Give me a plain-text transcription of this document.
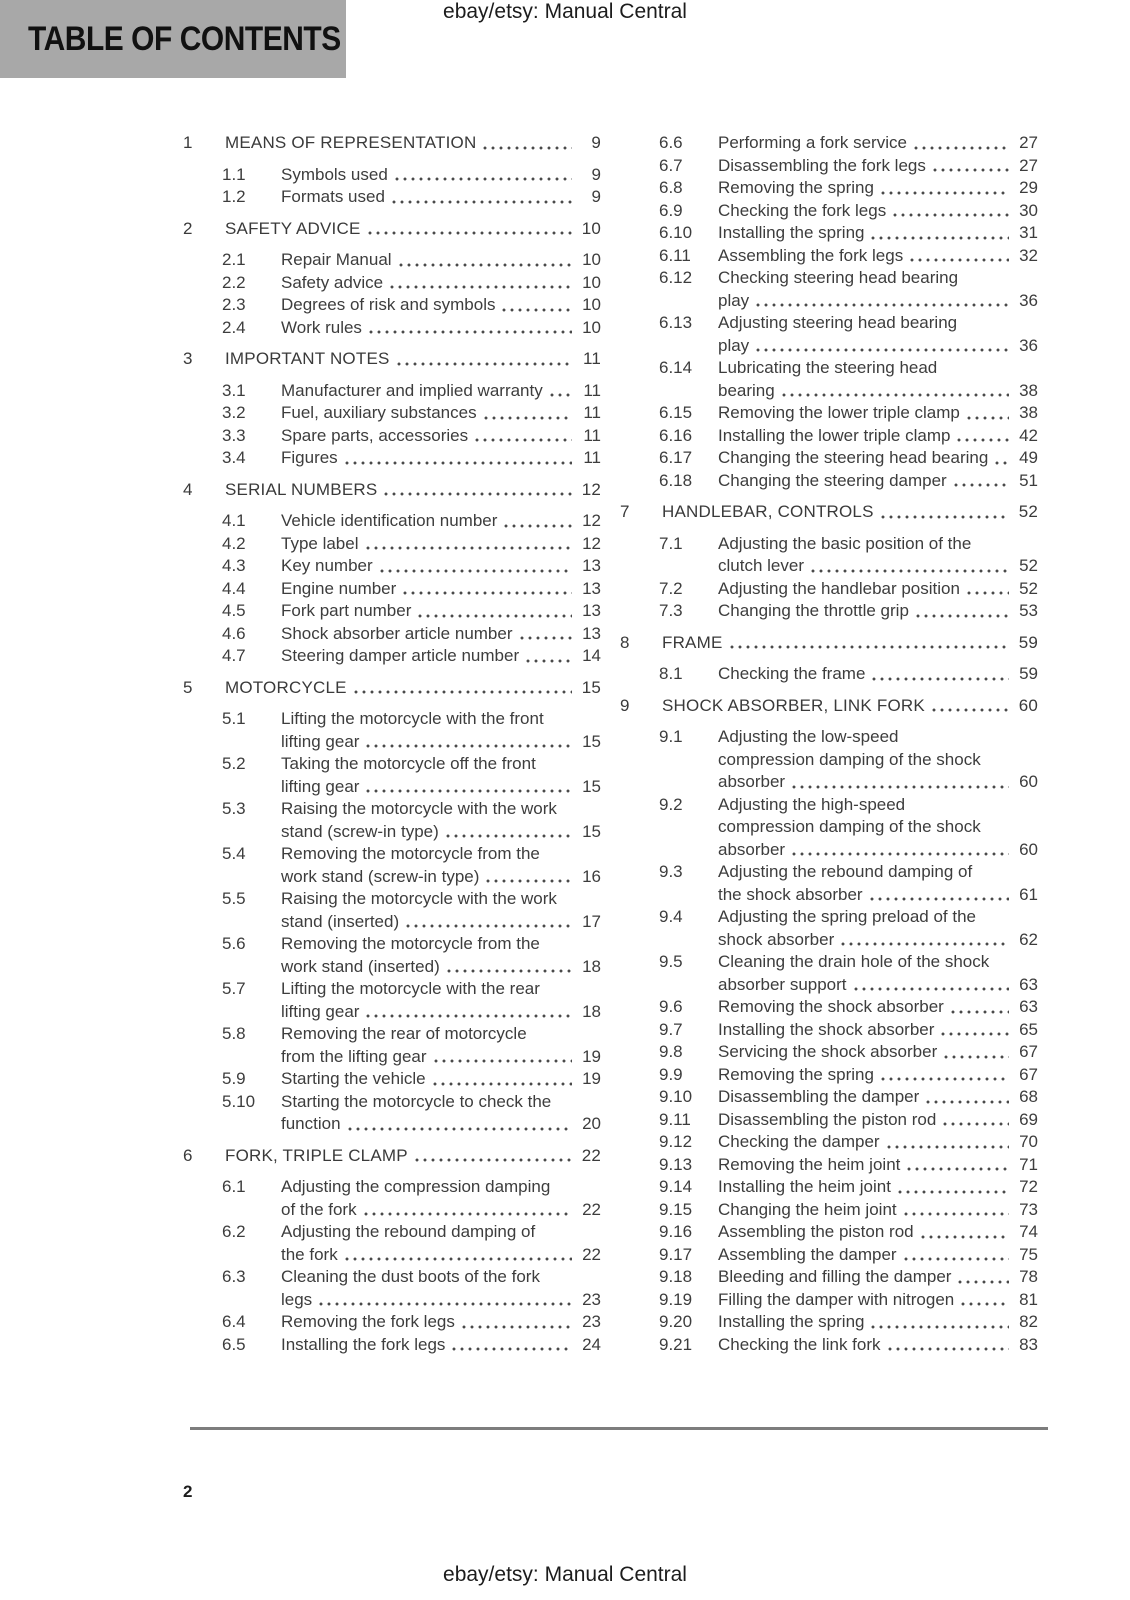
ebay/etsy: Manual Central
TABLE OF CONTENTS
1	MEANS OF REPRESENTATION	9
1.1	Symbols used	9
1.2	Formats used	9
2	SAFETY ADVICE	10
2.1	Repair Manual	10
2.2	Safety advice	10
2.3	Degrees of risk and symbols	10
2.4	Work rules	10
3	IMPORTANT NOTES	11
3.1	Manufacturer and implied warranty	11
3.2	Fuel, auxiliary substances	11
3.3	Spare parts, accessories	11
3.4	Figures	11
4	SERIAL NUMBERS	12
4.1	Vehicle identification number	12
4.2	Type label	12
4.3	Key number	13
4.4	Engine number	13
4.5	Fork part number	13
4.6	Shock absorber article number	13
4.7	Steering damper article number	14
5	MOTORCYCLE	15
5.1	Lifting the motorcycle with the front
lifting gear	15
5.2	Taking the motorcycle off the front
lifting gear	15
5.3	Raising the motorcycle with the work
stand (screw-in type)	15
5.4	Removing the motorcycle from the
work stand (screw-in type)	16
5.5	Raising the motorcycle with the work
stand (inserted)	17
5.6	Removing the motorcycle from the
work stand (inserted)	18
5.7	Lifting the motorcycle with the rear
lifting gear	18
5.8	Removing the rear of motorcycle
from the lifting gear	19
5.9	Starting the vehicle	19
5.10	Starting the motorcycle to check the
function	20
6	FORK, TRIPLE CLAMP	22
6.1	Adjusting the compression damping
of the fork	22
6.2	Adjusting the rebound damping of
the fork	22
6.3	Cleaning the dust boots of the fork
legs	23
6.4	Removing the fork legs	23
6.5	Installing the fork legs	24
6.6	Performing a fork service	27
6.7	Disassembling the fork legs	27
6.8	Removing the spring	29
6.9	Checking the fork legs	30
6.10	Installing the spring	31
6.11	Assembling the fork legs	32
6.12	Checking steering head bearing
play	36
6.13	Adjusting steering head bearing
play	36
6.14	Lubricating the steering head
bearing	38
6.15	Removing the lower triple clamp	38
6.16	Installing the lower triple clamp	42
6.17	Changing the steering head bearing	49
6.18	Changing the steering damper	51
7	HANDLEBAR, CONTROLS	52
7.1	Adjusting the basic position of the
clutch lever	52
7.2	Adjusting the handlebar position	52
7.3	Changing the throttle grip	53
8	FRAME	59
8.1	Checking the frame	59
9	SHOCK ABSORBER, LINK FORK	60
9.1	Adjusting the low-speed
compression damping of the shock
absorber	60
9.2	Adjusting the high-speed
compression damping of the shock
absorber	60
9.3	Adjusting the rebound damping of
the shock absorber	61
9.4	Adjusting the spring preload of the
shock absorber	62
9.5	Cleaning the drain hole of the shock
absorber support	63
9.6	Removing the shock absorber	63
9.7	Installing the shock absorber	65
9.8	Servicing the shock absorber	67
9.9	Removing the spring	67
9.10	Disassembling the damper	68
9.11	Disassembling the piston rod	69
9.12	Checking the damper	70
9.13	Removing the heim joint	71
9.14	Installing the heim joint	72
9.15	Changing the heim joint	73
9.16	Assembling the piston rod	74
9.17	Assembling the damper	75
9.18	Bleeding and filling the damper	78
9.19	Filling the damper with nitrogen	81
9.20	Installing the spring	82
9.21	Checking the link fork	83
2
ebay/etsy: Manual Central
